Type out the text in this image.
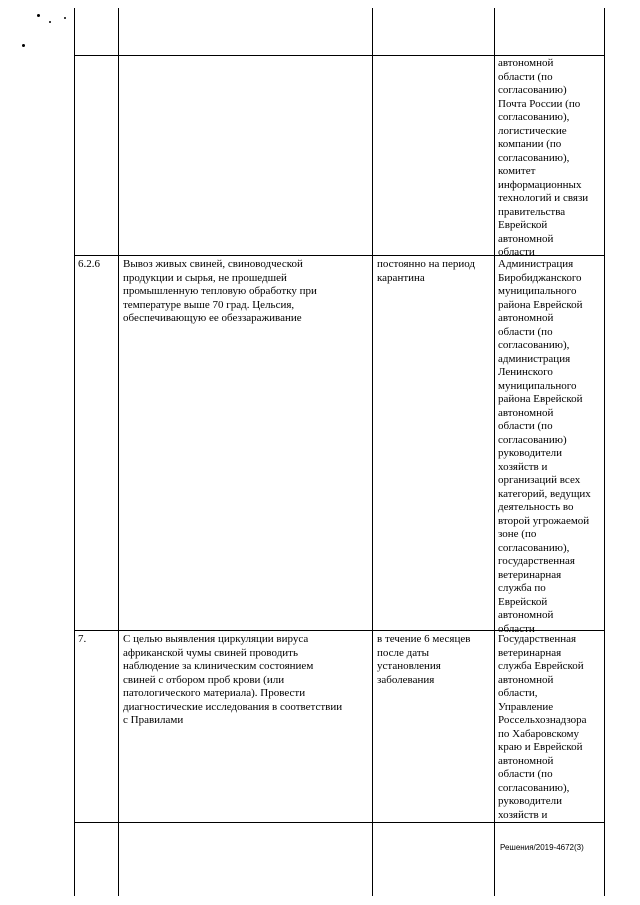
автономной
области (по
согласованию)
Почта России (по
согласованию),
логистические
компании (по
согласованию),
комитет
информационных
технологий и связи
правительства
Еврейской
автономной
области
6.2.6	Вывоз живых свиней, свиноводческой
продукции и сырья, не прошедшей
промышленную тепловую обработку при
температуре выше 70 град. Цельсия,
обеспечивающую ее обеззараживание
постоянно на период
карантина
Администрация
Биробиджанского
муниципального
района Еврейской
автономной
области (по
согласованию),
администрация
Ленинского
муниципального
района Еврейской
автономной
области (по
согласованию)
руководители
хозяйств и
организаций всех
категорий, ведущих
деятельность во
второй угрожаемой
зоне (по
согласованию),
государственная
ветеринарная
служба по
Еврейской
автономной
области
7.	С целью выявления циркуляции вируса
африканской чумы свиней проводить
наблюдение за клиническим состоянием
свиней с отбором проб крови (или
патологического материала). Провести
диагностические исследования в соответствии
с Правилами
в течение 6 месяцев
после даты
установления
заболевания
Государственная
ветеринарная
служба Еврейской
автономной
области,
Управление
Россельхознадзора
по Хабаровскому
краю и Еврейской
автономной
области (по
согласованию),
руководители
хозяйств и
Решения/2019-4672(3)
